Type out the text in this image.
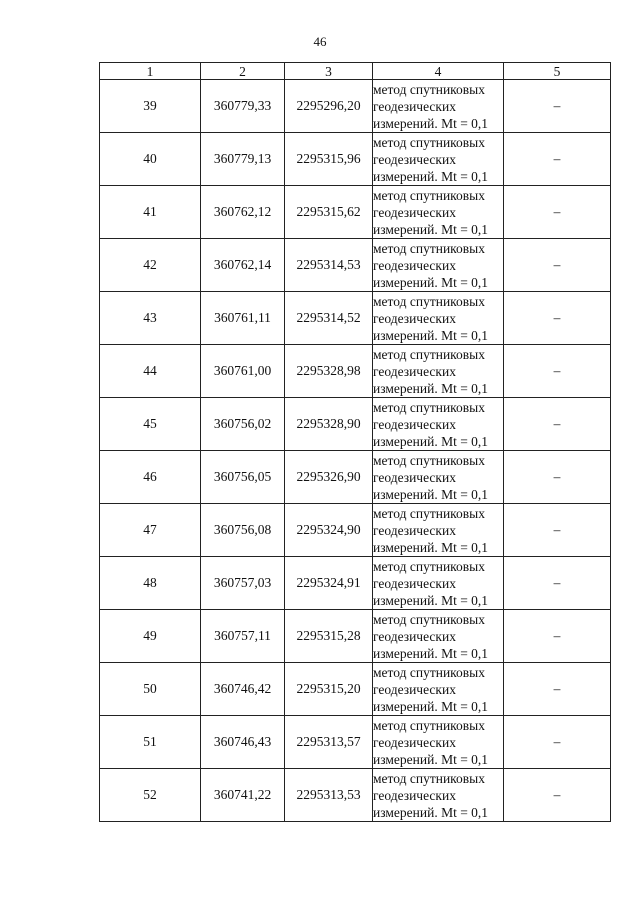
46
1	2	3	4	5
39	360779,33	2295296,20	метод спутниковых
геодезических
измерений. Mt = 0,1	–
40	360779,13	2295315,96	метод спутниковых
геодезических
измерений. Mt = 0,1	–
41	360762,12	2295315,62	метод спутниковых
геодезических
измерений. Mt = 0,1	–
42	360762,14	2295314,53	метод спутниковых
геодезических
измерений. Mt = 0,1	–
43	360761,11	2295314,52	метод спутниковых
геодезических
измерений. Mt = 0,1	–
44	360761,00	2295328,98	метод спутниковых
геодезических
измерений. Mt = 0,1	–
45	360756,02	2295328,90	метод спутниковых
геодезических
измерений. Mt = 0,1	–
46	360756,05	2295326,90	метод спутниковых
геодезических
измерений. Mt = 0,1	–
47	360756,08	2295324,90	метод спутниковых
геодезических
измерений. Mt = 0,1	–
48	360757,03	2295324,91	метод спутниковых
геодезических
измерений. Mt = 0,1	–
49	360757,11	2295315,28	метод спутниковых
геодезических
измерений. Mt = 0,1	–
50	360746,42	2295315,20	метод спутниковых
геодезических
измерений. Mt = 0,1	–
51	360746,43	2295313,57	метод спутниковых
геодезических
измерений. Mt = 0,1	–
52	360741,22	2295313,53	метод спутниковых
геодезических
измерений. Mt = 0,1	–
